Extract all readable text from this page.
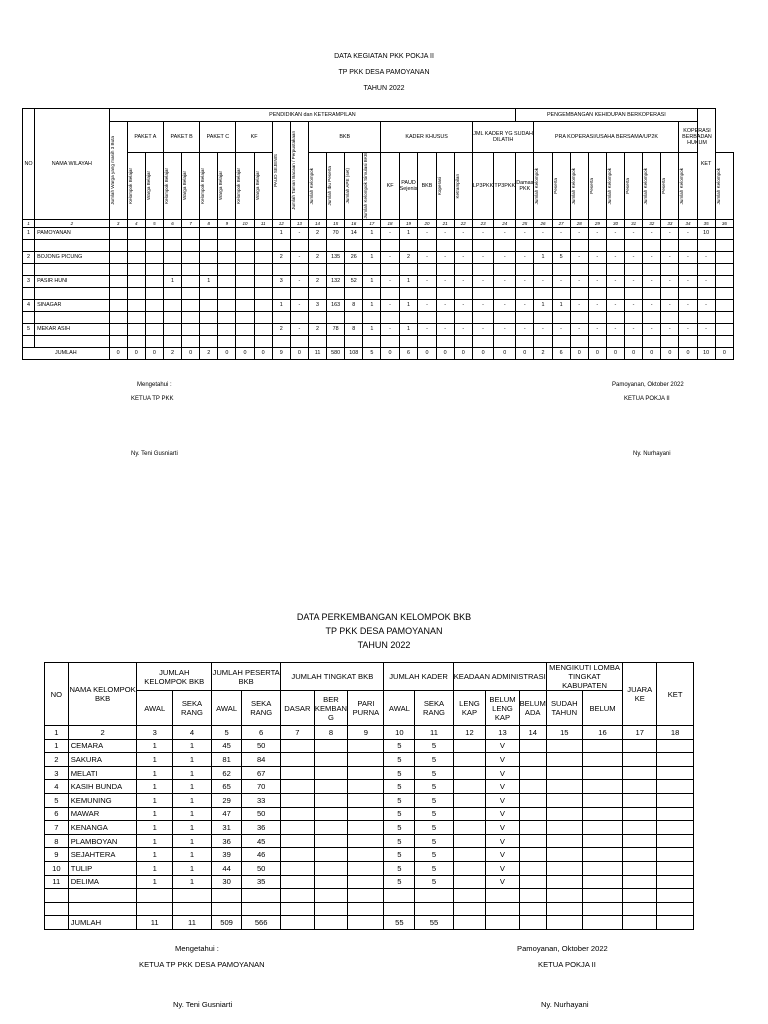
DATA KEGIATAN PKK POKJA II
TP PKK DESA PAMOYANAN
TAHUN 2022
NO	NAMA WILAYAH	PENDIDIKAN dan KETERAMPILAN																						PENGEMBANGAN KEHIDUPAN BERKOPERASI										KET	

		Jumlah Warga yang masih 3 Buta	PAKET A		PAKET B		PAKET C		KF		PAUD SEJENIS	Jumlah Taman Bacaan / Perpustakaan	BKB				KADER KHUSUS					JML KADER YG SUDAH DILATIH			PRA KOPERASI/USAHA BERSAMA/UP2K								KOPERASI BERBADAN HUKUM		

			Kelompok Belajar	Warga Belajar	Kelompok Belajar	Warga Belajar	Kelompok Belajar	Warga Belajar	Kelompok Belajar	Warga Belajar																									

													Jumlah Kelompok	Jumlah Ibu Peserta	Jumlah APE (set)	Jumlah Kelompok Simulasi BKB	KF	PAUD Sejenis	BKB	Koperasi	Ketrampilan	LP3PKK	TP3PKK	Damas PKK	Jumlah Kelompok	Peserta	Jumlah Kelompok	Peserta	Jumlah Kelompok	Peserta	Jumlah Kelompok	Peserta	Jumlah Kelompok		Jumlah Kelompok

1	2	3	4	5	6	7	8	9	10	11	12	13	14	15	16	17	18	19	20	21	22	23	24	25	26	27	28	29	30	31	32	33	34	35	36
1	PAMOYANAN										1	-	2	70	14	1	-	1	-	-	-	-	-	-	-	-	-	-	-	-	-	-	-	10	

2	BOJONG PICUNG										2	-	2	135	26	1	-	2	-	-	-	-	-	-	1	5	-	-	-	-	-	-	-	-	

3	PASIR HUNI				1		1				3	-	2	132	52	1	-	1	-	-	-	-	-	-	-	-	-	-	-	-	-	-	-	-	

4	SINAGAR										1	-	3	163	8	1	-	1	-	-	-	-	-	-	1	1	-	-	-	-	-	-	-	-	

5	MEKAR ASIH										2	-	2	78	8	1	-	1	-	-	-	-	-	-	-	-	-	-	-	-	-	-	-	-	

JUMLAH		0	0	0	2	0	2	0	0	0	9	0	11	580	108	5	0	6	0	0	0	0	0	0	2	6	0	0	0	0	0	0	0	10	0
Mengetahui :
KETUA TP PKK
Ny. Teni Gusniarti
Pamoyanan, Oktober 2022
KETUA POKJA II
Ny. Nurhayani
DATA PERKEMBANGAN KELOMPOK BKB
TP PKK DESA PAMOYANAN
TAHUN 2022
NO	NAMA KELOMPOK BKB	JUMLAH KELOMPOK BKB		JUMLAH PESERTA BKB		JUMLAH TINGKAT BKB			JUMLAH KADER		KEADAAN ADMINISTRASI			MENGIKUTI LOMBA TINGKAT KABUPATEN		JUARA KE	KET
		AWAL	SEKA RANG	AWAL	SEKA RANG	DASAR	BER KEMBAN G	PARI PURNA	AWAL	SEKA RANG	LENG KAP	BELUM LENG KAP	BELUM ADA	SUDAH TAHUN	BELUM		
1	2	3	4	5	6	7	8	9	10	11	12	13	14	15	16	17	18
1	CEMARA	1	1	45	50				5	5		V					
2	SAKURA	1	1	81	84				5	5		V					
3	MELATI	1	1	62	67				5	5		V					
4	KASIH BUNDA	1	1	65	70				5	5		V					
5	KEMUNING	1	1	29	33				5	5		V					
6	MAWAR	1	1	47	50				5	5		V					
7	KENANGA	1	1	31	36				5	5		V					
8	PLAMBOYAN	1	1	36	45				5	5		V					
9	SEJAHTERA	1	1	39	46				5	5		V					
10	TULIP	1	1	44	50				5	5		V					
11	DELIMA	1	1	30	35				5	5		V					

	JUMLAH	11	11	509	566				55	55							
Mengetahui :
KETUA TP PKK DESA PAMOYANAN
Ny. Teni Gusniarti
Pamoyanan, Oktober 2022
KETUA POKJA II
Ny. Nurhayani
